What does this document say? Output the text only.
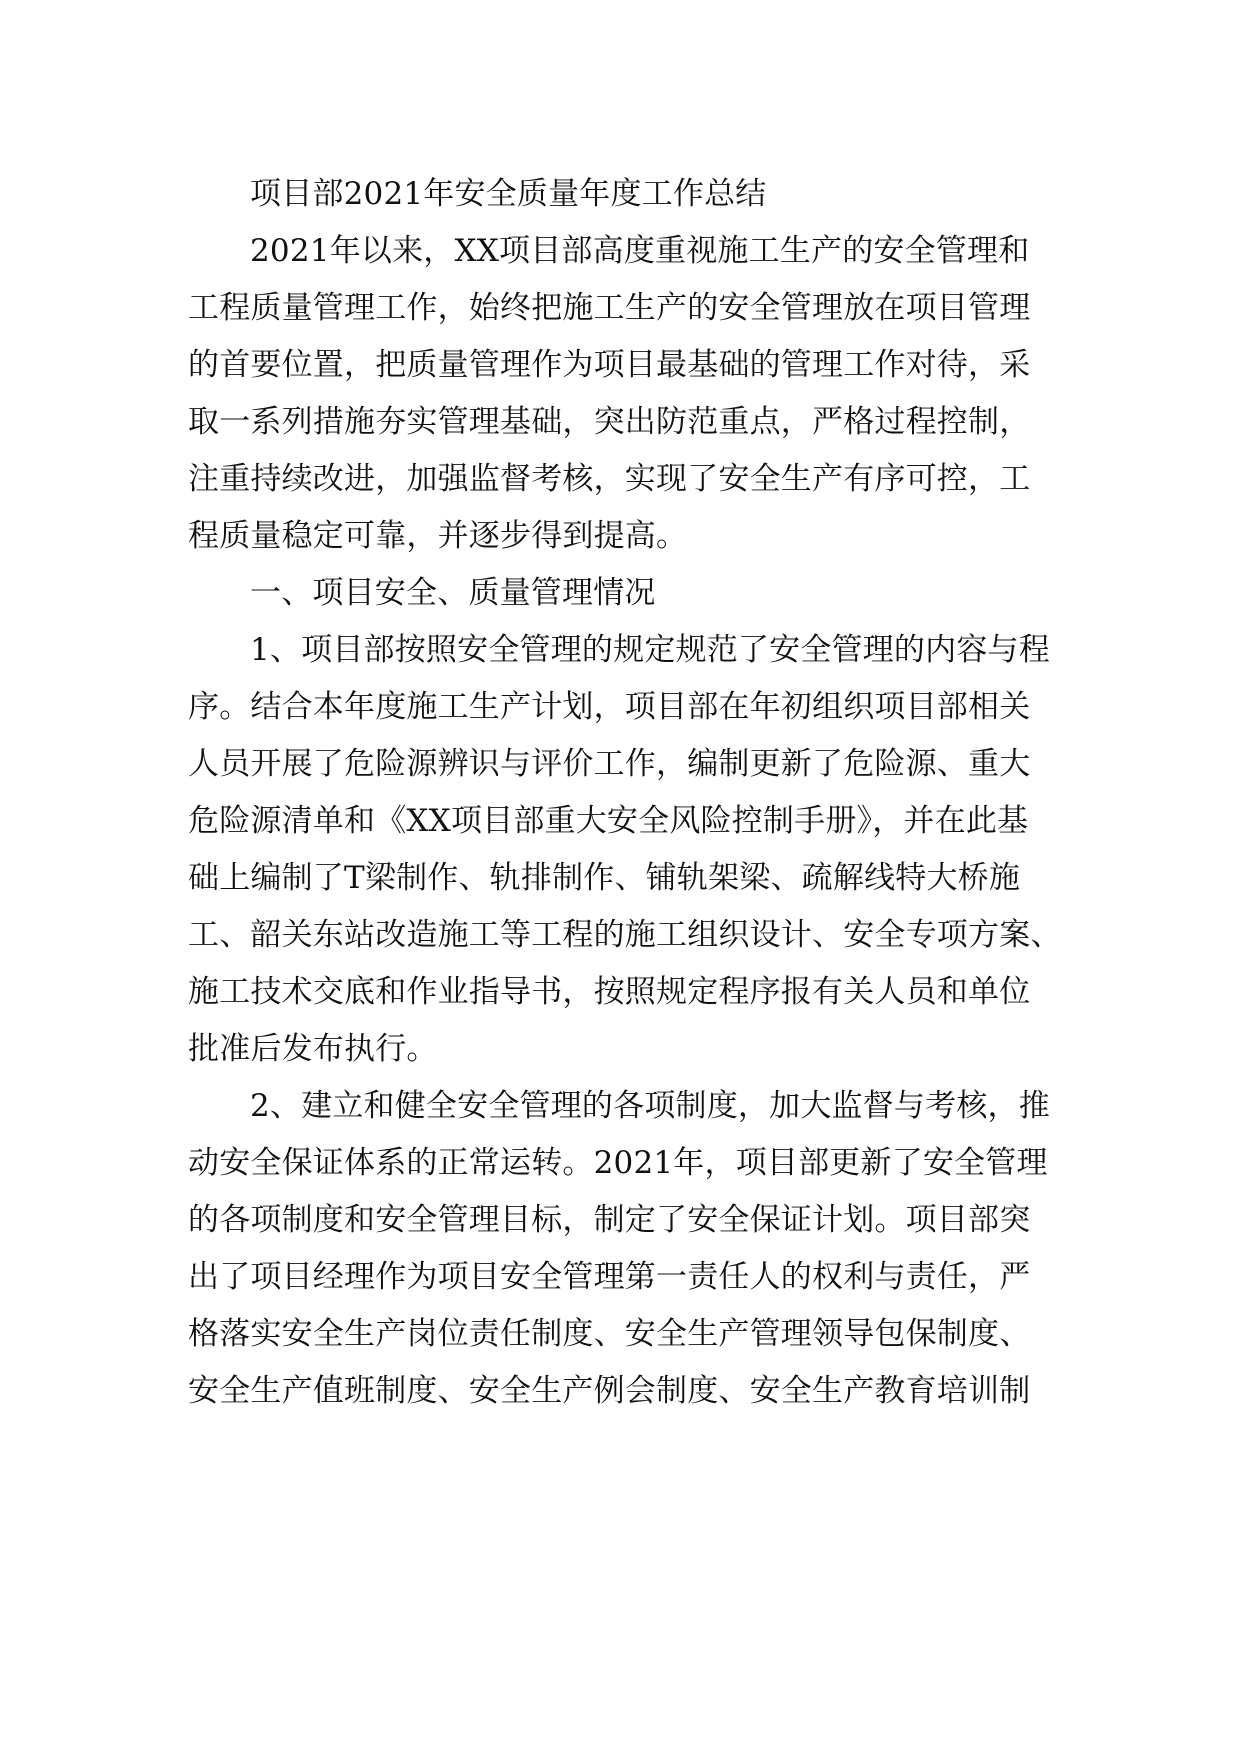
项目部2021年安全质量年度工作总结
2021年以来，XX项目部高度重视施工生产的安全管理和
工程质量管理工作，始终把施工生产的安全管理放在项目管理
的首要位置，把质量管理作为项目最基础的管理工作对待，采
取一系列措施夯实管理基础，突出防范重点，严格过程控制，
注重持续改进，加强监督考核，实现了安全生产有序可控，工
程质量稳定可靠，并逐步得到提高。
一、项目安全、质量管理情况
1、项目部按照安全管理的规定规范了安全管理的内容与程
序。结合本年度施工生产计划，项目部在年初组织项目部相关
人员开展了危险源辨识与评价工作，编制更新了危险源、重大
危险源清单和《XX项目部重大安全风险控制手册》，并在此基
础上编制了T梁制作、轨排制作、铺轨架梁、疏解线特大桥施
工、韶关东站改造施工等工程的施工组织设计、安全专项方案、
施工技术交底和作业指导书，按照规定程序报有关人员和单位
批准后发布执行。
2、建立和健全安全管理的各项制度，加大监督与考核，推
动安全保证体系的正常运转。2021年，项目部更新了安全管理
的各项制度和安全管理目标，制定了安全保证计划。项目部突
出了项目经理作为项目安全管理第一责任人的权利与责任，严
格落实安全生产岗位责任制度、安全生产管理领导包保制度、
安全生产值班制度、安全生产例会制度、安全生产教育培训制
